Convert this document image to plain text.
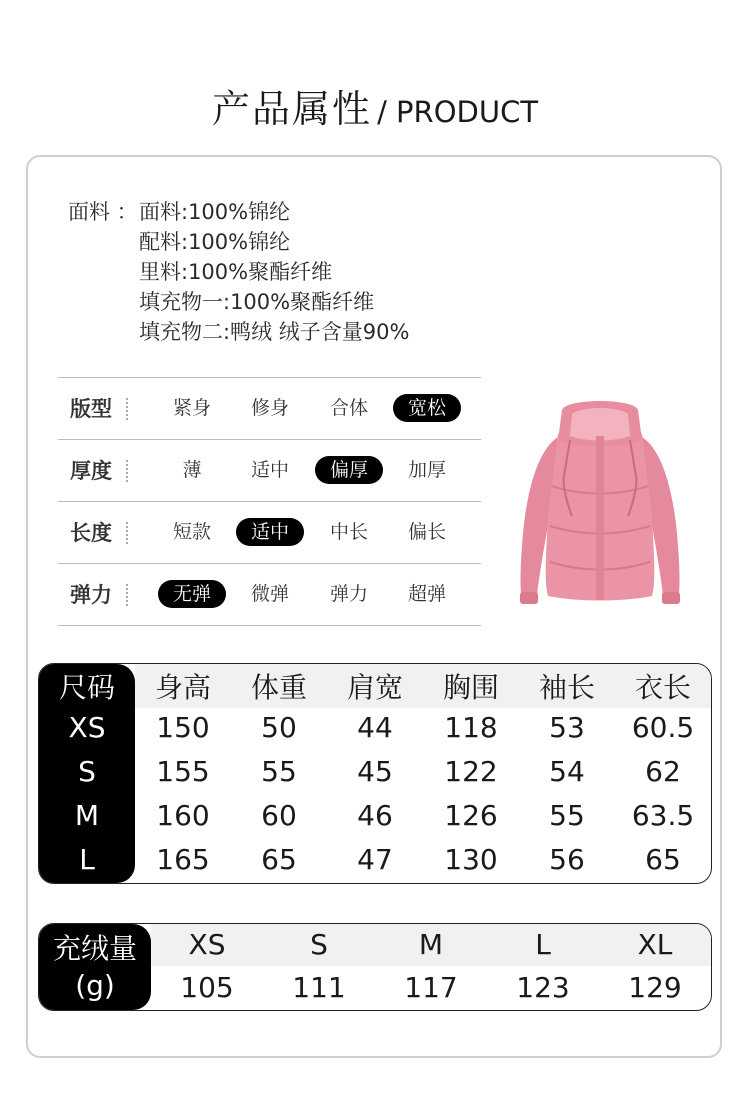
产品属性 / PRODUCT
面料 ： 面料:100%锦纶
配料:100%锦纶
里料:100%聚酯纤维
填充物一:100%聚酯纤维
填充物二:鸭绒 绒子含量90%
版型	紧身	修身	合体	宽松
厚度	薄	适中	偏厚	加厚
长度	短款	适中	中长	偏长
弹力	无弹	微弹	弹力	超弹
尺码	身高	体重	肩宽	胸围	袖长	衣长
XS	150	50	44	118	53	60.5
S	155	55	45	122	54	62
M	160	60	46	126	55	63.5
L	165	65	47	130	56	65
充绒量
(g)
XS	S	M	L	XL
105	111	117	123	129
